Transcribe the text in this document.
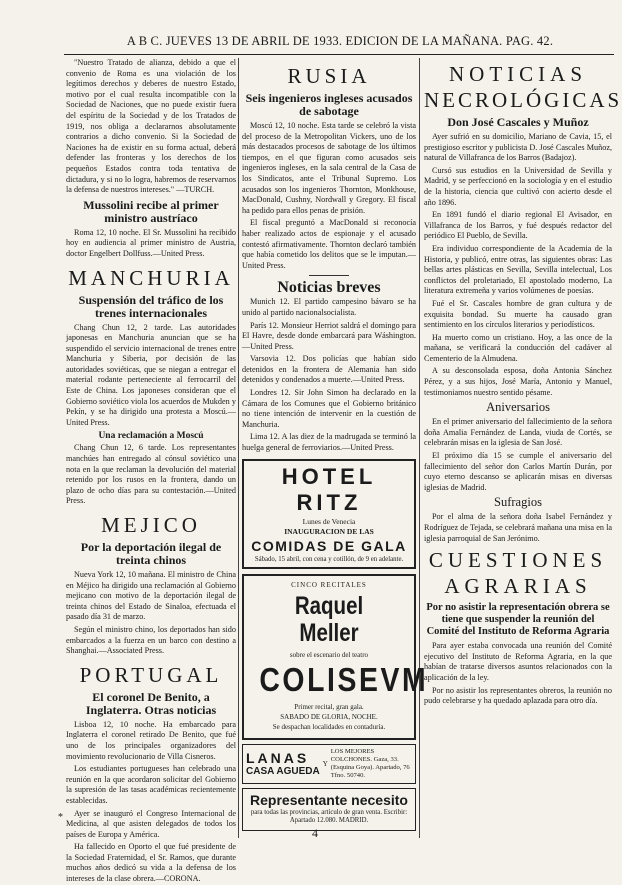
A B C. JUEVES 13 DE ABRIL DE 1933. EDICION DE LA MAÑANA. PAG. 42.

"Nuestro Tratado de alianza, debido a que el convenio de Roma es una violación de los legítimos derechos y deberes de nuestro Estado, motivo por el cual resulta incompatible con la Sociedad de Naciones, que no puede existir fuera del espíritu de la Sociedad y de los Tratados de 1919, nos obliga a declararnos absolutamente contrarios a dicho convenio. Si la Sociedad de Naciones ha de existir en su forma actual, deberá defender las fronteras y los derechos de los pequeños Estados contra toda tentativa de dictadura, y si no lo logra, habremos de reservarnos la defensa de nuestros intereses." —TURCH.

Mussolini recibe al primer ministro austríaco

Roma 12, 10 noche. El Sr. Mussolini ha recibido hoy en audiencia al primer ministro de Austria, doctor Engelbert Dollfuss.—United Press.

MANCHURIA
Suspensión del tráfico de los trenes internacionales

Chang Chun 12, 2 tarde. Las autoridades japonesas en Manchuria anuncian que se ha suspendido el servicio internacional de trenes entre Manchuria y Siberia, por decisión de las autoridades soviéticas, que se niegan a entregar el material rodante perteneciente al ferrocarril del Este de China. Los japoneses consideran que el Gobierno soviético viola los acuerdos de Mukden y Pekín, y se ha dirigido una protesta a Moscú.—United Press.

Una reclamación a Moscú

Chang Chun 12, 6 tarde. Los representantes manchúes han entregado al cónsul soviético una nota en la que reclaman la devolución del material retenido por los rusos en la frontera, dando un plazo de ocho días para su contestación.—United Press.

MEJICO
Por la deportación ilegal de treinta chinos

Nueva York 12, 10 mañana. El ministro de China en Méjico ha dirigido una reclamación al Gobierno mejicano con motivo de la deportación ilegal de treinta chinos del Estado de Sinaloa, efectuada el pasado día 31 de marzo.

Según el ministro chino, los deportados han sido embarcados a la fuerza en un barco con destino a Shanghai.—Associated Press.

PORTUGAL
El coronel De Benito, a Inglaterra. Otras noticias

Lisboa 12, 10 noche. Ha embarcado para Inglaterra el coronel retirado De Benito, que fué uno de los principales organizadores del movimiento revolucionario de Villa Cisneros.

Los estudiantes portugueses han celebrado una reunión en la que acordaron solicitar del Gobierno la supresión de las tasas académicas recientemente establecidas.

Ayer se inauguró el Congreso Internacional de Medicina, al que asisten delegados de todos los países de Europa y América.

Ha fallecido en Oporto el que fué presidente de la Sociedad Fraternidad, el Sr. Ramos, que durante muchos años dedicó su vida a la defensa de los intereses de la clase obrera.—CORONA.

RUSIA
Seis ingenieros ingleses acusados de sabotage

Moscú 12, 10 noche. Esta tarde se celebró la vista del proceso de la Metropolitan Vickers, uno de los más destacados procesos de sabotage de los últimos tiempos, en el que figuran como acusados seis ingenieros ingleses, en la sala central de la Casa de los Sindicatos, ante el Tribunal Supremo. Los acusados son los ingenieros Thornton, Monkhouse, MacDonald, Cushny, Nordwall y Gregory. El fiscal ha pedido para ellos penas de prisión.

El fiscal preguntó a MacDonald si reconocía haber realizado actos de espionaje y el acusado contestó afirmativamente. Thornton declaró también que había cometido los delitos que se le imputan.—United Press.

Noticias breves

Munich 12. El partido campesino bávaro se ha unido al partido nacionalsocialista.

París 12. Monsieur Herriot saldrá el domingo para El Havre, desde donde embarcará para Wáshington.—United Press.

Varsovia 12. Dos policías que habían sido detenidos en la frontera de Alemania han sido detenidos y condenados a muerte.—United Press.

Londres 12. Sir John Simon ha declarado en la Cámara de los Comunes que el Gobierno británico no tiene intención de intervenir en la cuestión de Manchuria.

Lima 12. A las diez de la madrugada se terminó la huelga general de ferroviarios.—United Press.

HOTEL RITZ
Lunes de Venecia
INAUGURACION DE LAS
COMIDAS DE GALA
Sábado, 15 abril, con cena y cotillón, de 9 en adelante.
CINCO RECITALES
Raquel Meller
sobre el escenario del teatro
COLISEVM
Primer recital, gran gala.
SABADO DE GLORIA, NOCHE.
Se despachan localidades en contaduría.
LANAS
CASA AGUEDA
Y
LOS MEJORES COLCHONES. Gaza, 33. (Esquina Goya). Apartado, 76 Tfno. 50740.
Representante necesito
para todas las provincias, artículo de gran venta. Escribir: Apartado 12.080. MADRID.
NOTICIAS
NECROLÓGICAS
Don José Cascales y Muñoz

Ayer sufrió en su domicilio, Mariano de Cavia, 15, el prestigioso escritor y publicista D. José Cascales Muñoz, natural de Villafranca de los Barros (Badajoz).

Cursó sus estudios en la Universidad de Sevilla y Madrid, y se perfeccionó en la sociología y en el estudio de la historia, ciencia que cultivó con acierto desde el año 1896.

En 1891 fundó el diario regional El Avisador, en Villafranca de los Barros, y fué después redactor del periódico El Pueblo, de Sevilla.

Era individuo correspondiente de la Academia de la Historia, y publicó, entre otras, las siguientes obras: Las bellas artes plásticas en Sevilla, Sevilla intelectual, Los conflictos del proletariado, El apostolado moderno, La literatura extremeña y varios volúmenes de poesías.

Fué el Sr. Cascales hombre de gran cultura y de exquisita bondad. Su muerte ha causado gran sentimiento en los círculos literarios y periodísticos.

Ha muerto como un cristiano. Hoy, a las once de la mañana, se verificará la conducción del cadáver al Cementerio de la Almudena.

A su desconsolada esposa, doña Antonia Sánchez Pérez, y a sus hijos, José María, Antonio y Manuel, testimoniamos nuestro sentido pésame.

Aniversarios

En el primer aniversario del fallecimiento de la señora doña Amalia Fernández de Landa, viuda de Cortés, se celebrarán misas en la iglesia de San José.

El próximo día 15 se cumple el aniversario del fallecimiento del señor don Carlos Martín Durán, por cuyo eterno descanso se aplicarán misas en diversas iglesias de Madrid.

Sufragios

Por el alma de la señora doña Isabel Fernández y Rodríguez de Tejada, se celebrará mañana una misa en la iglesia parroquial de San Jerónimo.

CUESTIONES
AGRARIAS
Por no asistir la representación obrera se tiene que suspender la reunión del Comité del Instituto de Reforma Agraria

Para ayer estaba convocada una reunión del Comité ejecutivo del Instituto de Reforma Agraria, en la que habían de tratarse diversos asuntos relacionados con la aplicación de la ley.

Por no asistir los representantes obreros, la reunión no pudo celebrarse y ha quedado aplazada para otro día.

4
*
